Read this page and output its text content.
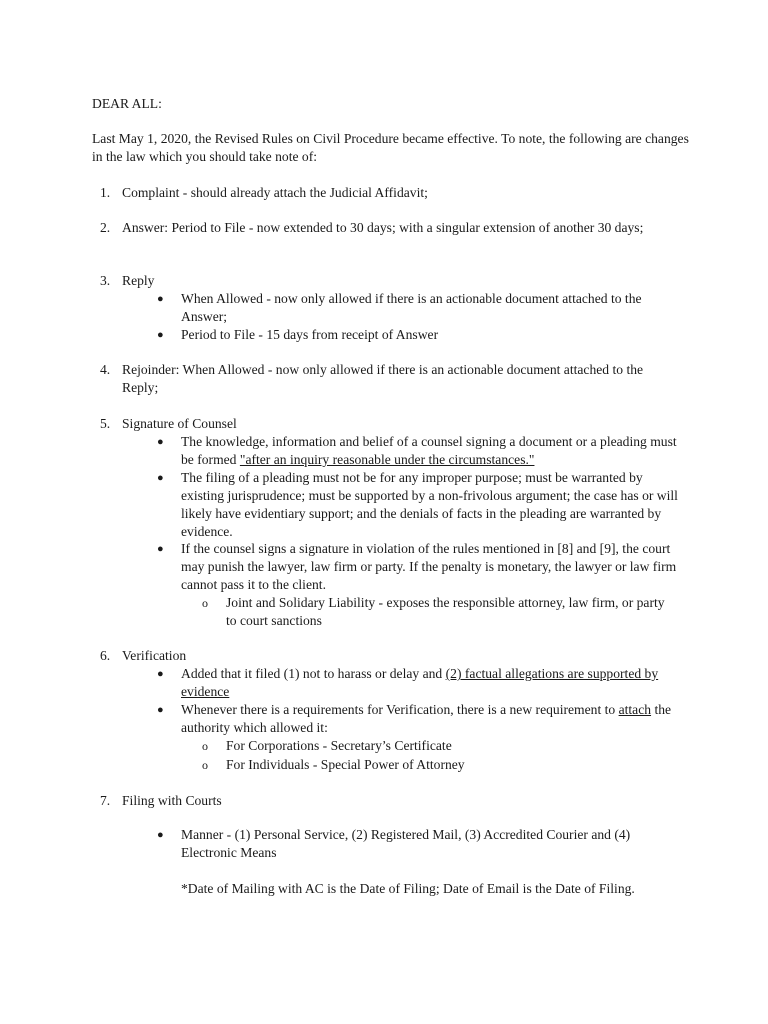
DEAR ALL:
Last May 1, 2020, the Revised Rules on Civil Procedure became effective. To note, the following are changes in the law which you should take note of:
1. Complaint - should already attach the Judicial Affidavit;
2. Answer: Period to File - now extended to 30 days; with a singular extension of another 30 days;
3. Reply
● When Allowed - now only allowed if there is an actionable document attached to the Answer;
● Period to File - 15 days from receipt of Answer
4. Rejoinder: When Allowed - now only allowed if there is an actionable document attached to the Reply;
5. Signature of Counsel
● The knowledge, information and belief of a counsel signing a document or a pleading must be formed "after an inquiry reasonable under the circumstances."
● The filing of a pleading must not be for any improper purpose; must be warranted by existing jurisprudence; must be supported by a non-frivolous argument; the case has or will likely have evidentiary support; and the denials of facts in the pleading are warranted by evidence.
● If the counsel signs a signature in violation of the rules mentioned in [8] and [9], the court may punish the lawyer, law firm or party. If the penalty is monetary, the lawyer or law firm cannot pass it to the client.
o Joint and Solidary Liability - exposes the responsible attorney, law firm, or party to court sanctions
6. Verification
● Added that it filed (1) not to harass or delay and (2) factual allegations are supported by evidence
● Whenever there is a requirements for Verification, there is a new requirement to attach the authority which allowed it:
o For Corporations - Secretary’s Certificate
o For Individuals - Special Power of Attorney
7. Filing with Courts
● Manner - (1) Personal Service, (2) Registered Mail, (3) Accredited Courier and (4) Electronic Means
*Date of Mailing with AC is the Date of Filing; Date of Email is the Date of Filing.
